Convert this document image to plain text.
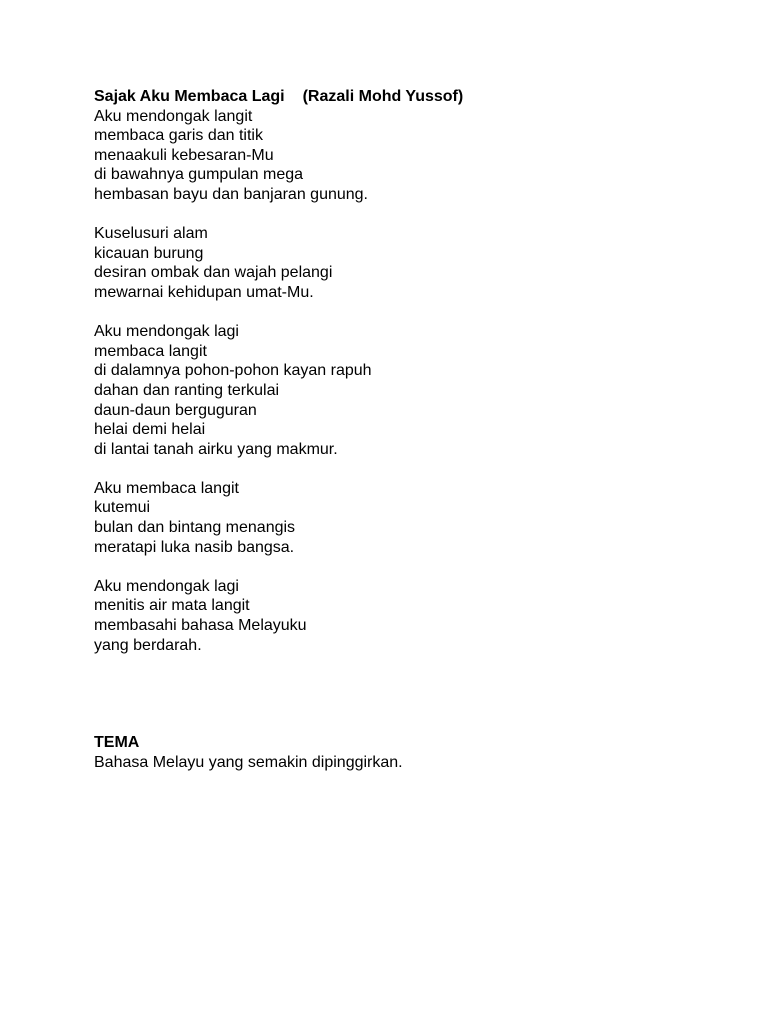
Sajak Aku Membaca Lagi (Razali Mohd Yussof)
Aku mendongak langit
membaca garis dan titik
menaakuli kebesaran-Mu
di bawahnya gumpulan mega
hembasan bayu dan banjaran gunung.
Kuselusuri alam
kicauan burung
desiran ombak dan wajah pelangi
mewarnai kehidupan umat-Mu.
Aku mendongak lagi
membaca langit
di dalamnya pohon-pohon kayan rapuh
dahan dan ranting terkulai
daun-daun berguguran
helai demi helai
di lantai tanah airku yang makmur.
Aku membaca langit
kutemui
bulan dan bintang menangis
meratapi luka nasib bangsa.
Aku mendongak lagi
menitis air mata langit
membasahi bahasa Melayuku
yang berdarah.
TEMA
Bahasa Melayu yang semakin dipinggirkan.
